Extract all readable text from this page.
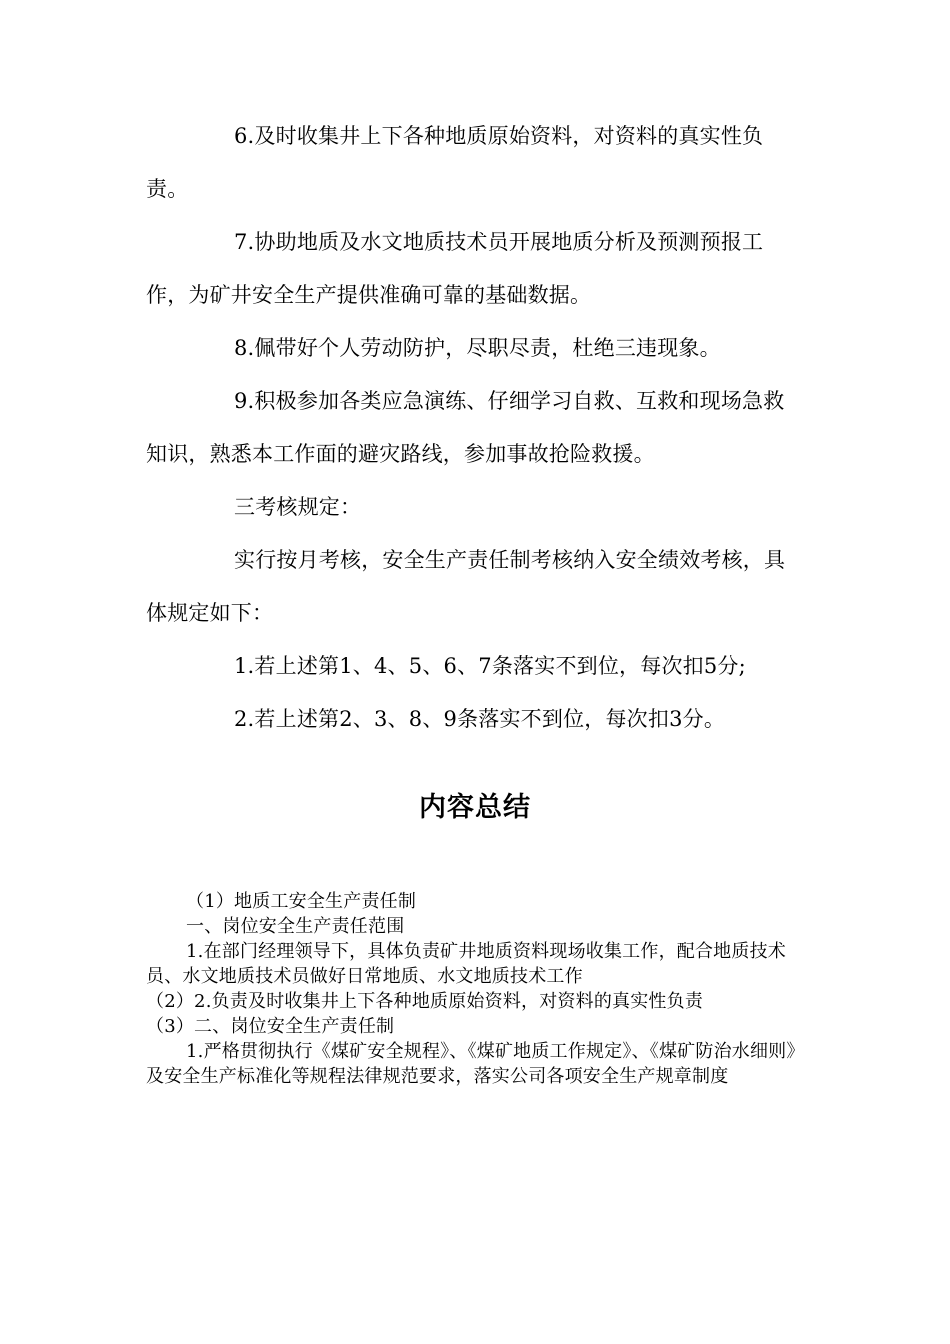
6.及时收集井上下各种地质原始资料，对资料的真实性负责。

7.协助地质及水文地质技术员开展地质分析及预测预报工作，为矿井安全生产提供准确可靠的基础数据。

8.佩带好个人劳动防护，尽职尽责，杜绝三违现象。

9.积极参加各类应急演练、仔细学习自救、互救和现场急救知识，熟悉本工作面的避灾路线，参加事故抢险救援。

三考核规定：

实行按月考核，安全生产责任制考核纳入安全绩效考核，具体规定如下：

1.若上述第1、4、5、6、7条落实不到位，每次扣5分;

2.若上述第2、3、8、9条落实不到位，每次扣3分。

内容总结

（1）地质工安全生产责任制

一、岗位安全生产责任范围

1.在部门经理领导下，具体负责矿井地质资料现场收集工作，配合地质技术员、水文地质技术员做好日常地质、水文地质技术工作

（2）2.负责及时收集井上下各种地质原始资料，对资料的真实性负责

（3）二、岗位安全生产责任制

1.严格贯彻执行《煤矿安全规程》、《煤矿地质工作规定》、《煤矿防治水细则》及安全生产标准化等规程法律规范要求，落实公司各项安全生产规章制度
